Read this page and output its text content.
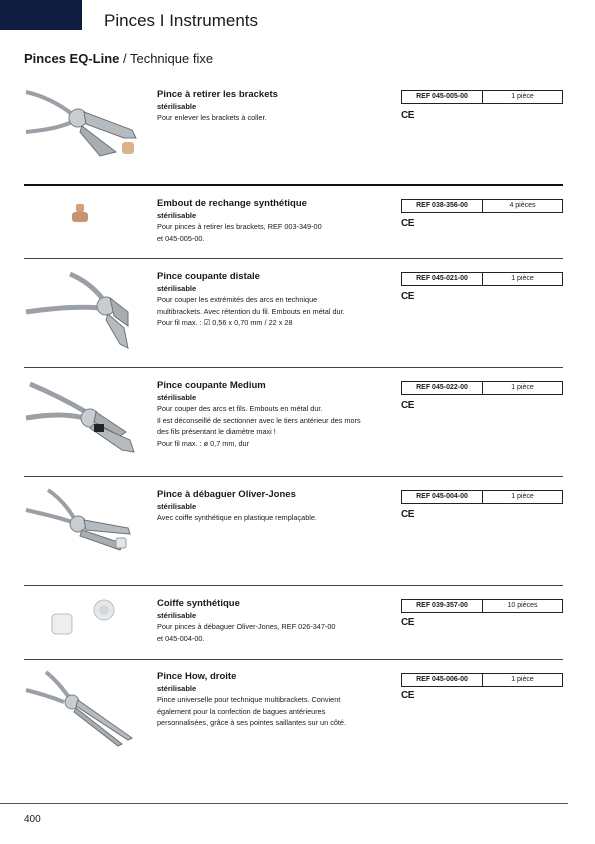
Pinces I Instruments
Pinces EQ-Line / Technique fixe
Pince à retirer les brackets
stérilisable
Pour enlever les brackets à coller.
REF 045-005-00	1 pièce
CE
Embout de rechange synthétique
stérilisable
Pour pinces à retirer les brackets, REF 003-349-00
et 045-005-00.
REF 038-356-00	4 pièces
CE
Pince coupante distale
stérilisable
Pour couper les extrémités des arcs en technique
multibrackets. Avec rétention du fil. Embouts en métal dur.
Pour fil max. : ☑ 0,56 x 0,70 mm / 22 x 28
REF 045-021-00	1 pièce
CE
Pince coupante Medium
stérilisable
Pour couper des arcs et fils. Embouts en métal dur.
Il est déconseillé de sectionner avec le tiers antérieur des mors
des fils présentant le diamètre maxi !
Pour fil max. : ø 0,7 mm, dur
REF 045-022-00	1 pièce
CE
Pince à débaguer Oliver-Jones
stérilisable
Avec coiffe synthétique en plastique remplaçable.
REF 045-004-00	1 pièce
CE
Coiffe synthétique
stérilisable
Pour pinces à débaguer Oliver-Jones, REF 026-347-00
et 045-004-00.
REF 039-357-00	10 pièces
CE
Pince How, droite
stérilisable
Pince universelle pour technique multibrackets. Convient
également pour la confection de bagues antérieures
personnalisées, grâce à ses pointes saillantes sur un côté.
REF 045-006-00	1 pièce
CE
400
